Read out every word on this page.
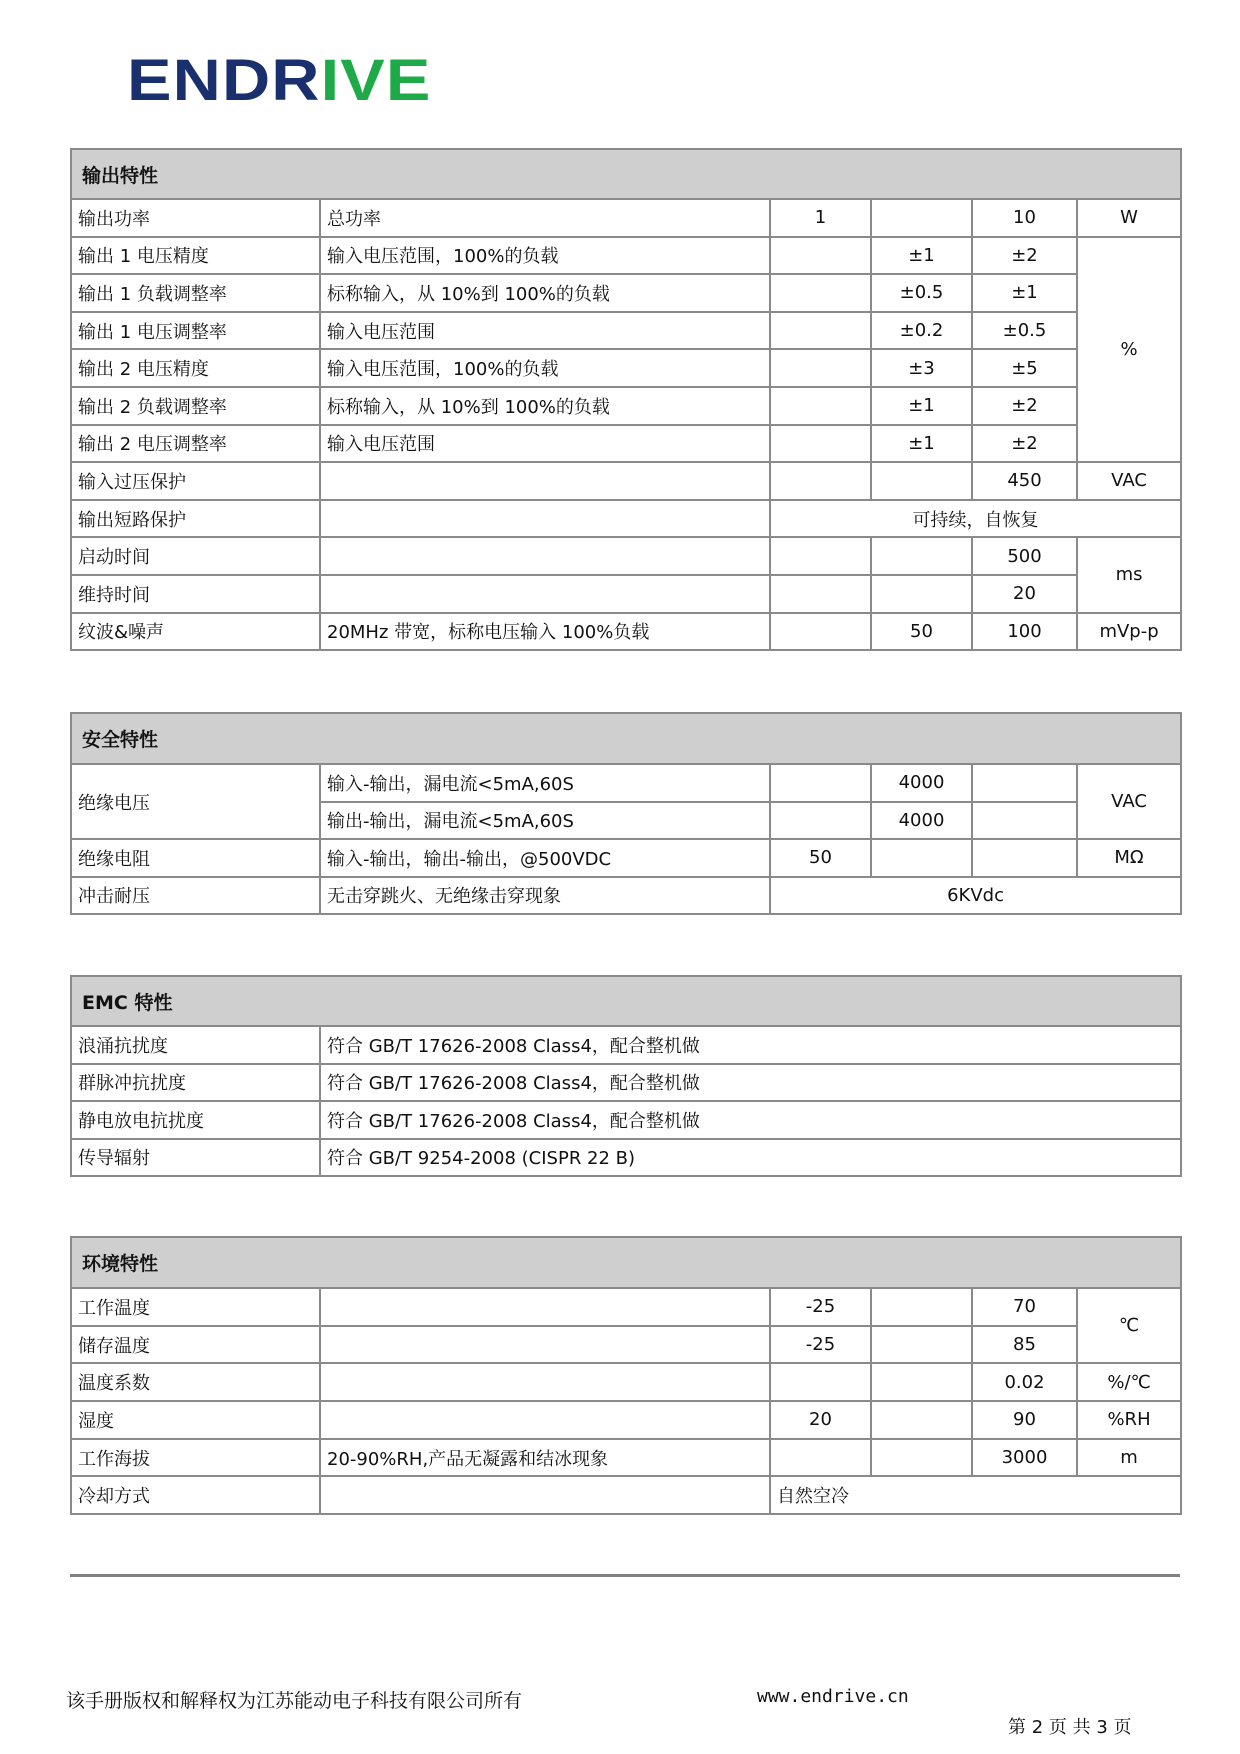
ENDRIVE
输出特性					
输出功率	总功率	1		10	W
输出 1 电压精度	输入电压范围，100%的负载		±1	±2	%
输出 1 负载调整率	标称输入，从 10%到 100%的负载		±0.5	±1	
输出 1 电压调整率	输入电压范围		±0.2	±0.5	
输出 2 电压精度	输入电压范围，100%的负载		±3	±5	
输出 2 负载调整率	标称输入，从 10%到 100%的负载		±1	±2	
输出 2 电压调整率	输入电压范围		±1	±2	
输入过压保护				450	VAC
输出短路保护		可持续，自恢复			
启动时间				500	ms
维持时间				20	
纹波&噪声	20MHz 带宽，标称电压输入 100%负载		50	100	mVp-p
安全特性					
绝缘电压	输入-输出，漏电流<5mA,60S		4000		VAC
	输出-输出，漏电流<5mA,60S		4000		
绝缘电阻	输入-输出，输出-输出，@500VDC	50			MΩ
冲击耐压	无击穿跳火、无绝缘击穿现象	6KVdc			
EMC 特性	
浪涌抗扰度	符合 GB/T 17626-2008 Class4，配合整机做
群脉冲抗扰度	符合 GB/T 17626-2008 Class4，配合整机做
静电放电抗扰度	符合 GB/T 17626-2008 Class4，配合整机做
传导辐射	符合 GB/T 9254-2008 (CISPR 22 B)
环境特性					
工作温度		-25		70	℃
储存温度		-25		85	
温度系数				0.02	%/℃
湿度		20		90	%RH
工作海拔	20-90%RH,产品无凝露和结冰现象			3000	m
冷却方式		自然空冷			
该手册版权和解释权为江苏能动电子科技有限公司所有	www.endrive.cn
第 2 页 共 3 页
